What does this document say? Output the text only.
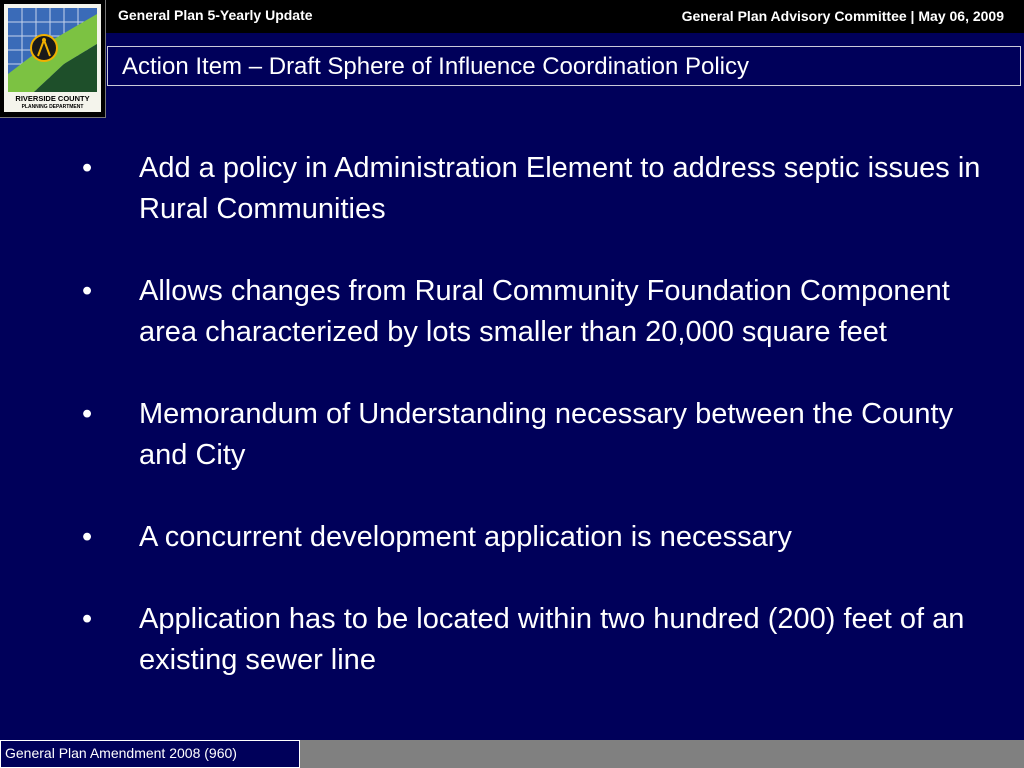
General Plan 5-Yearly Update	General Plan Advisory Committee | May 06, 2009
RIVERSIDE COUNTY
PLANNING DEPARTMENT
Action Item – Draft Sphere of Influence Coordination Policy
• Add a policy in Administration Element to address septic issues in Rural Communities
• Allows changes from Rural Community Foundation Component area characterized by lots smaller than 20,000 square feet
• Memorandum of Understanding necessary between the County and City
• A concurrent development application is necessary
• Application has to be located within two hundred (200) feet of an existing sewer line
General Plan Amendment 2008 (960)
